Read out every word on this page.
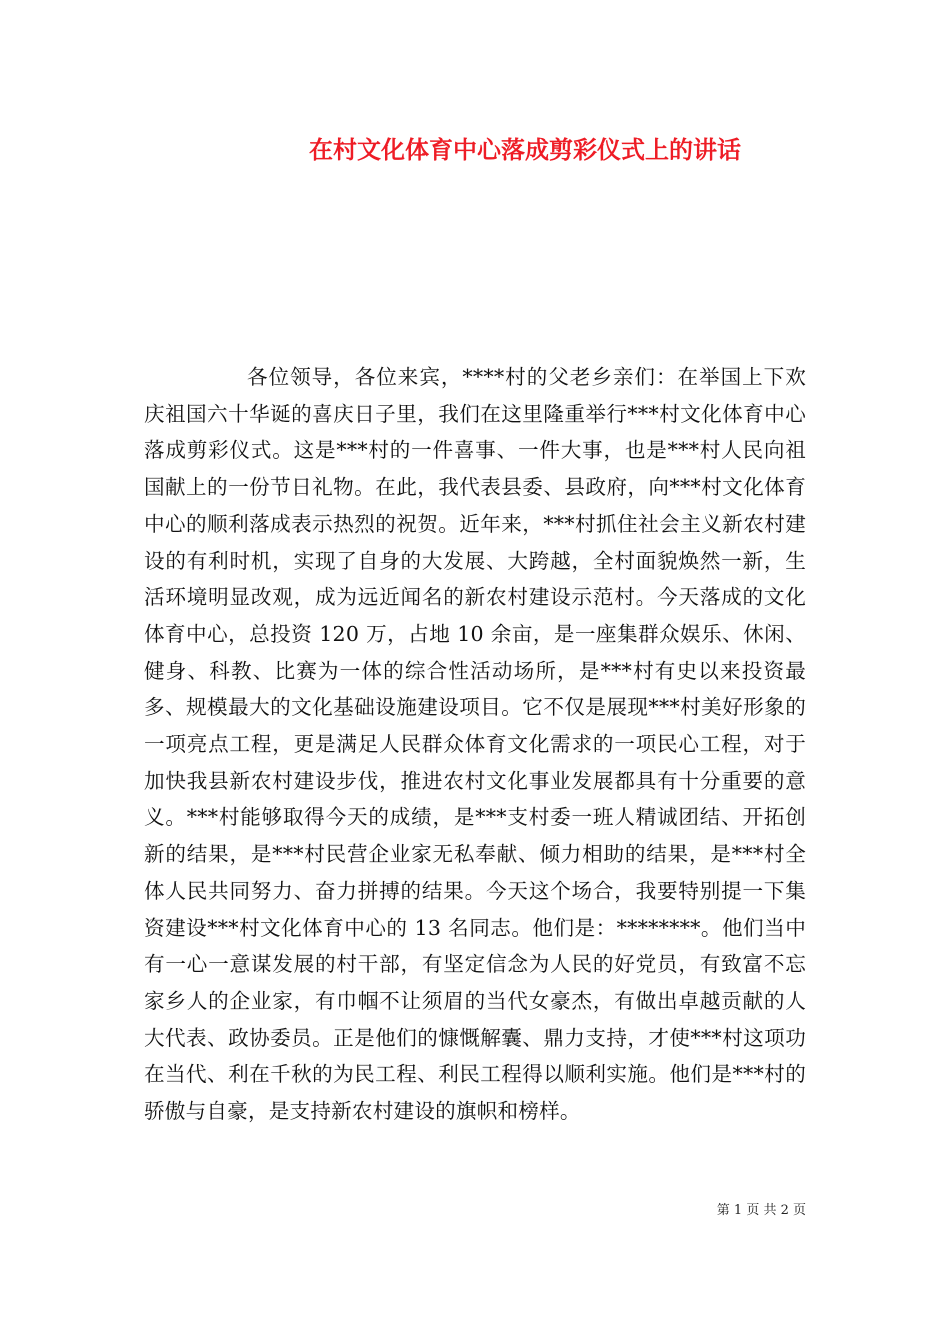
在村文化体育中心落成剪彩仪式上的讲话

各位领导，各位来宾，****村的父老乡亲们：在举国上下欢庆祖国六十华诞的喜庆日子里，我们在这里隆重举行***村文化体育中心落成剪彩仪式。这是***村的一件喜事、一件大事，也是***村人民向祖国献上的一份节日礼物。在此，我代表县委、县政府，向***村文化体育中心的顺利落成表示热烈的祝贺。近年来，***村抓住社会主义新农村建设的有利时机，实现了自身的大发展、大跨越，全村面貌焕然一新，生活环境明显改观，成为远近闻名的新农村建设示范村。今天落成的文化体育中心，总投资 120 万，占地 10 余亩，是一座集群众娱乐、休闲、健身、科教、比赛为一体的综合性活动场所，是***村有史以来投资最多、规模最大的文化基础设施建设项目。它不仅是展现***村美好形象的一项亮点工程，更是满足人民群众体育文化需求的一项民心工程，对于加快我县新农村建设步伐，推进农村文化事业发展都具有十分重要的意义。***村能够取得今天的成绩，是***支村委一班人精诚团结、开拓创新的结果，是***村民营企业家无私奉献、倾力相助的结果，是***村全体人民共同努力、奋力拼搏的结果。今天这个场合，我要特别提一下集资建设***村文化体育中心的 13 名同志。他们是：********。他们当中有一心一意谋发展的村干部，有坚定信念为人民的好党员，有致富不忘家乡人的企业家，有巾帼不让须眉的当代女豪杰，有做出卓越贡献的人大代表、政协委员。正是他们的慷慨解囊、鼎力支持，才使***村这项功在当代、利在千秋的为民工程、利民工程得以顺利实施。他们是***村的骄傲与自豪，是支持新农村建设的旗帜和榜样。

第 1 页 共 2 页
